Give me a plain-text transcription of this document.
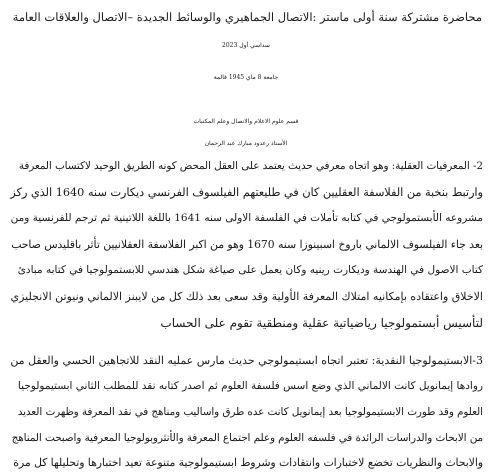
محاضرة مشتركة سنة أولى ماستر :الاتصال الجماهيري والوسائط الجديدة –الاتصال والعلاقات العامة
سداسي أول 2023
جامعة 8 ماي 1945 قالمة
قسم علوم الاعلام والاتصال وعلم المكتبات
الأستاذ رعدود مبارك عبد الرحمان
2- المعرفيات العقلية: وهو اتجاه معرفي حديث يعتمد على العقل المحض كونه الطريق الوحيد لاكتساب المعرفة
وارتبط بنخبة من الفلاسفة العقليين كان في طليعتهم الفيلسوف الفرنسي ديكارت سنه 1640 الذي ركز
مشروعه الأبستمولوجي في كتابه تأملات في الفلسفة الاولى سنه 1641 باللغة اللاتينية ثم ترجم للفرنسية ومن
بعد جاء الفيلسوف الالماني باروخ اسبينوزا سنه 1670 وهو من اكبر الفلاسفة العقلانيين تأثر باقليدس صاحب
كتاب الاصول في الهندسة وديكارت رينيه وكان يعمل على صياغة شكل هندسي للابستمولوجيا في كتابه مبادئ
الاخلاق واعتقاده بإمكانيه امتلاك المعرفة الأولية وقد سعى بعد ذلك كل من لايبنز الالماني ونيوتن الانجليزي
لتأسيس أبستمولوجيا رياضياتية عقلية ومنطقية تقوم على الحساب
3-الابستيمولوجيا النقدية: تعتبر اتجاه ابستيمولوجي حديث مارس عمليه النقد للاتجاهين الحسي والعقل من
روادها إيمانويل كانت الالماني الذي وضع اسس فلسفة العلوم ثم اصدر كتابه نقد للمطلب الثاني ابستيمولوجيا
العلوم وقد طورت الابستيمولوجيا بعد إيمانويل كانت عده طرق واساليب ومناهج في نقد المعرفة وظهرت العديد
من الابحاث والدراسات الرائدة في فلسفه العلوم وعلم اجتماع المعرفة والأنثروبولوجيا المعرفية واصبحت المناهج
والابحاث والنظريات تخضع لاختبارات وانتقادات وشروط ابستيمولوجية متنوعة تعيد اختبارها وتحليلها كل مرة
